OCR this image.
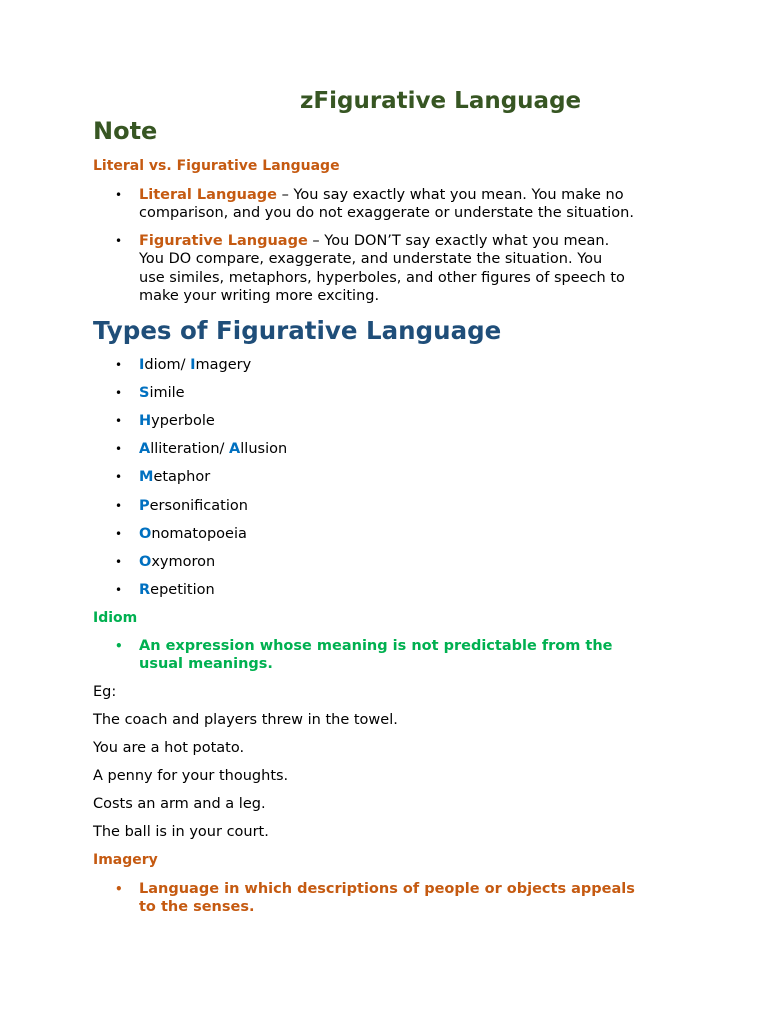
zFigurative Language
Note
Literal vs. Figurative Language
• Literal Language – You say exactly what you mean. You make no
comparison, and you do not exaggerate or understate the situation.
• Figurative Language – You DON’T say exactly what you mean.
You DO compare, exaggerate, and understate the situation. You
use similes, metaphors, hyperboles, and other figures of speech to
make your writing more exciting.
Types of Figurative Language
• Idiom/ Imagery
• Simile
• Hyperbole
• Alliteration/ Allusion
• Metaphor
• Personification
• Onomatopoeia
• Oxymoron
• Repetition
Idiom
• An expression whose meaning is not predictable from the
usual meanings.
Eg:
The coach and players threw in the towel.
You are a hot potato.
A penny for your thoughts.
Costs an arm and a leg.
The ball is in your court.
Imagery
• Language in which descriptions of people or objects appeals
to the senses.
